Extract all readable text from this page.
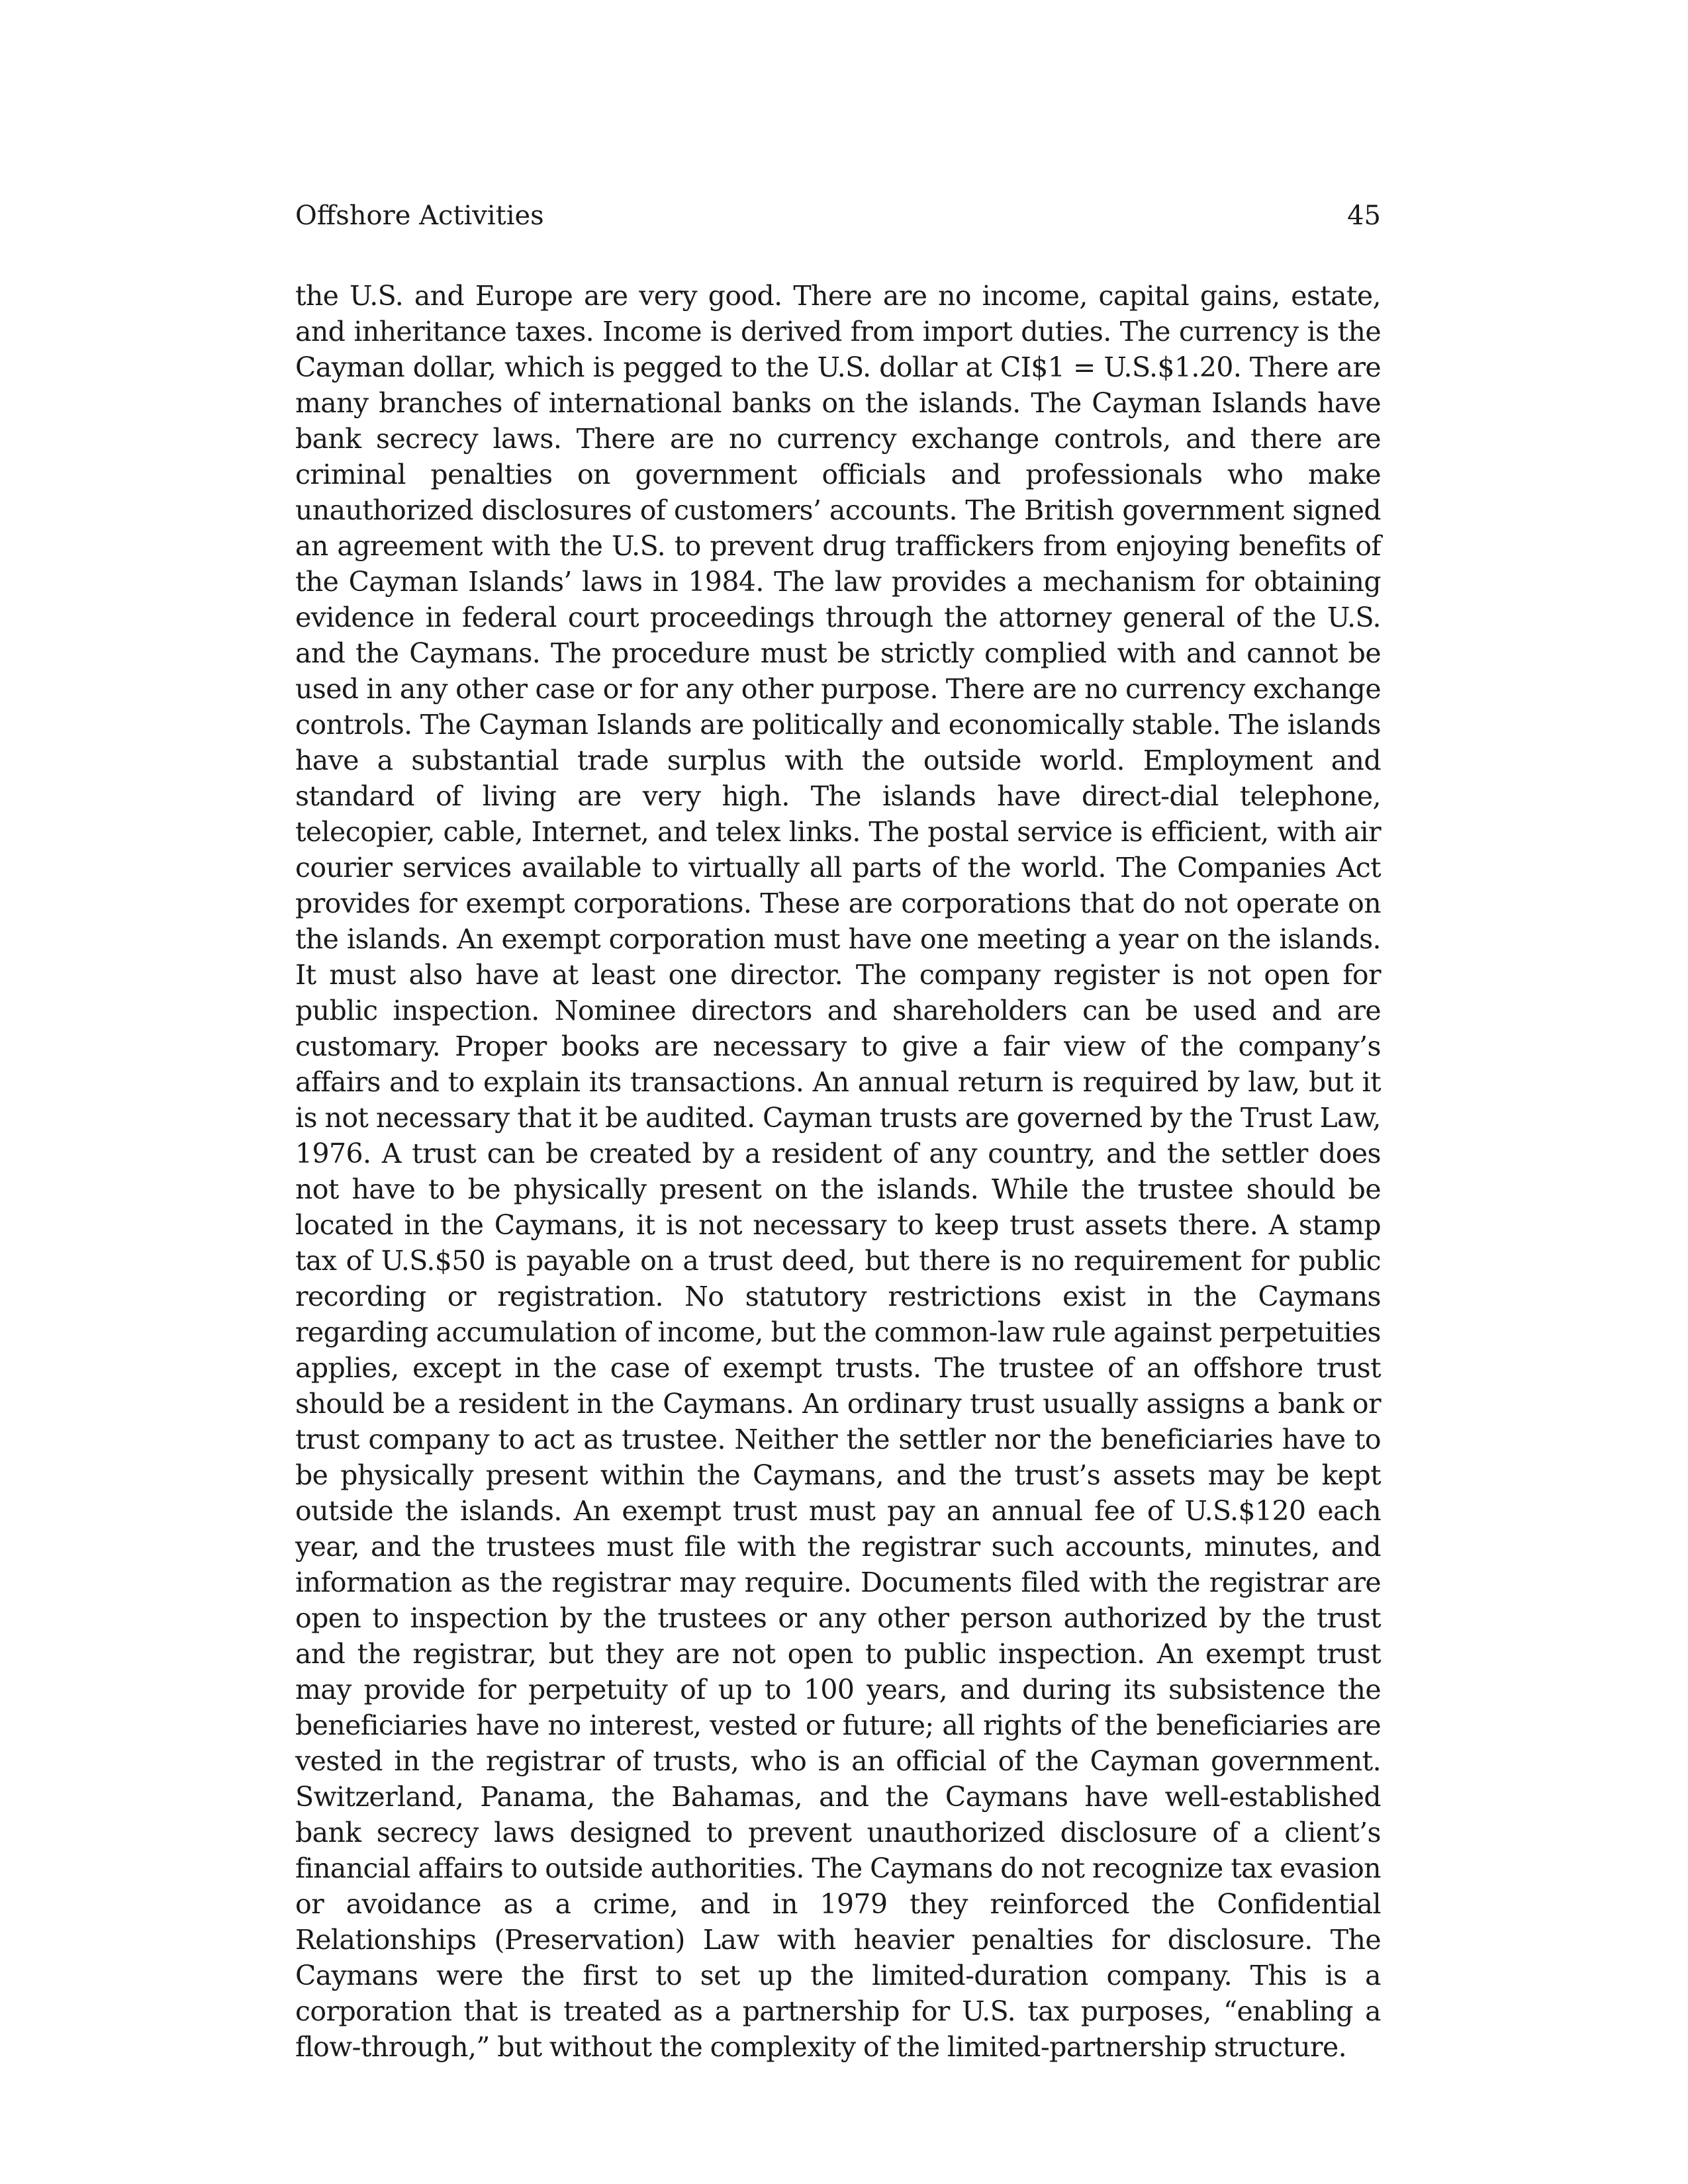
Offshore Activities	45

the U.S. and Europe are very good. There are no income, capital gains, estate, and inheritance taxes. Income is derived from import duties. The currency is the Cayman dollar, which is pegged to the U.S. dollar at CI$1 = U.S.$1.20. There are many branches of international banks on the islands. The Cayman Islands have bank secrecy laws. There are no currency exchange controls, and there are criminal penalties on government officials and professionals who make unauthorized disclosures of customers’ accounts. The British government signed an agreement with the U.S. to prevent drug traffickers from enjoying benefits of the Cayman Islands’ laws in 1984. The law provides a mechanism for obtaining evidence in federal court proceedings through the attorney general of the U.S. and the Caymans. The procedure must be strictly complied with and cannot be used in any other case or for any other purpose. There are no currency exchange controls. The Cayman Islands are politically and economically stable. The islands have a substantial trade surplus with the outside world. Employment and standard of living are very high. The islands have direct-dial telephone, telecopier, cable, Internet, and telex links. The postal service is efficient, with air courier services available to virtually all parts of the world. The Companies Act provides for exempt corporations. These are corporations that do not operate on the islands. An exempt corporation must have one meeting a year on the islands. It must also have at least one director. The company register is not open for public inspection. Nominee directors and shareholders can be used and are customary. Proper books are necessary to give a fair view of the company’s affairs and to explain its transactions. An annual return is required by law, but it is not necessary that it be audited. Cayman trusts are governed by the Trust Law, 1976. A trust can be created by a resident of any country, and the settler does not have to be physically present on the islands. While the trustee should be located in the Caymans, it is not necessary to keep trust assets there. A stamp tax of U.S.$50 is payable on a trust deed, but there is no requirement for public recording or registration. No statutory restrictions exist in the Caymans regarding accumulation of income, but the common-law rule against perpetuities applies, except in the case of exempt trusts. The trustee of an offshore trust should be a resident in the Caymans. An ordinary trust usually assigns a bank or trust company to act as trustee. Neither the settler nor the beneficiaries have to be physically present within the Caymans, and the trust’s assets may be kept outside the islands. An exempt trust must pay an annual fee of U.S.$120 each year, and the trustees must file with the registrar such accounts, minutes, and information as the registrar may require. Documents filed with the registrar are open to inspection by the trustees or any other person authorized by the trust and the registrar, but they are not open to public inspection. An exempt trust may provide for perpetuity of up to 100 years, and during its subsistence the beneficiaries have no interest, vested or future; all rights of the beneficiaries are vested in the registrar of trusts, who is an official of the Cayman government. Switzerland, Panama, the Bahamas, and the Caymans have well-established bank secrecy laws designed to prevent unauthorized disclosure of a client’s financial affairs to outside authorities. The Caymans do not recognize tax evasion or avoidance as a crime, and in 1979 they reinforced the Confidential Relationships (Preservation) Law with heavier penalties for disclosure. The Caymans were the first to set up the limited-duration company. This is a corporation that is treated as a partnership for U.S. tax purposes, “enabling a flow-through,” but without the complexity of the limited-partnership structure.
